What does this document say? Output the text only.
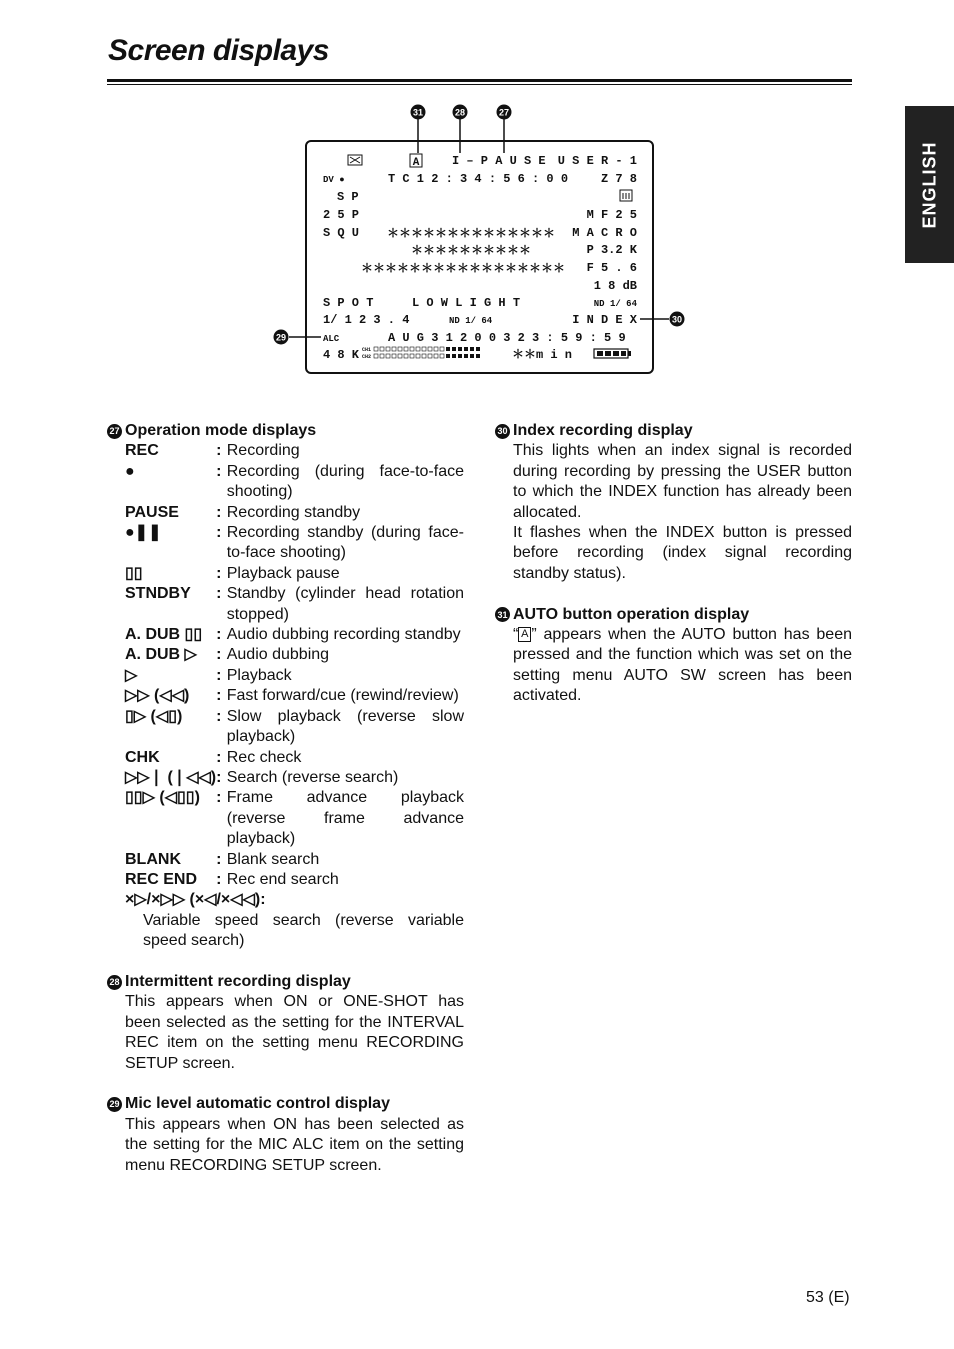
Screen displays
ENGLISH
31	28	27
30
29
A	I – P A U S E U S E R - 1
DV ●	T C 1 2 : 3 4 : 5 6 : 0 0	Z 7 8
S P
2 5 P	M F 2 5
S Q U ＊＊＊＊＊＊＊＊＊＊＊＊＊＊ M A C R O
＊＊＊＊＊＊＊＊＊＊	P 3.2 K
＊＊＊＊＊＊＊＊＊＊＊＊＊＊＊＊＊ F 5 . 6
1 8 dB
S P O T	L O W L I G H T	ND 1/ 64
1/ 1 2 3 . 4	ND 1/ 64	I N D E X
ALC	A U G 3 1 2 0 0 3 2 3 : 5 9 : 5 9
4 8 K CH1
CH2	＊＊m i n
27 Operation mode displays
REC	:	Recording
●	:	Recording (during face-to-face shooting)
PAUSE	:	Recording standby
●❚❚	:	Recording standby (during face-to-face shooting)
▯▯	:	Playback pause
STNDBY	:	Standby (cylinder head rotation stopped)
A. DUB ▯▯	:	Audio dubbing recording standby
A. DUB ▷	:	Audio dubbing
▷	:	Playback
▷▷ (◁◁)	:	Fast forward/cue (rewind/review)
▯▷ (◁▯)	:	Slow playback (reverse slow playback)
CHK	:	Rec check
▷▷❘ (❘◁◁)	:	Search (reverse search)
▯▯▷ (◁▯▯)	:	Frame advance playback (reverse frame advance playback)
BLANK	:	Blank search
REC END	:	Rec end search
×▷/×▷▷ (×◁/×◁◁):
Variable speed search (reverse variable speed search)
28 Intermittent recording display

This appears when ON or ONE-SHOT has been selected as the setting for the INTERVAL REC item on the setting menu RECORDING SETUP screen.

29 Mic level automatic control display

This appears when ON has been selected as the setting for the MIC ALC item on the setting menu RECORDING SETUP screen.

30 Index recording display

This lights when an index signal is recorded during recording by pressing the USER button to which the INDEX function has already been allocated.

It flashes when the INDEX button is pressed before recording (index signal recording standby status).

31 AUTO button operation display

“ A ” appears when the AUTO button has been pressed and the function which was set on the setting menu AUTO SW screen has been activated.

53 (E)
